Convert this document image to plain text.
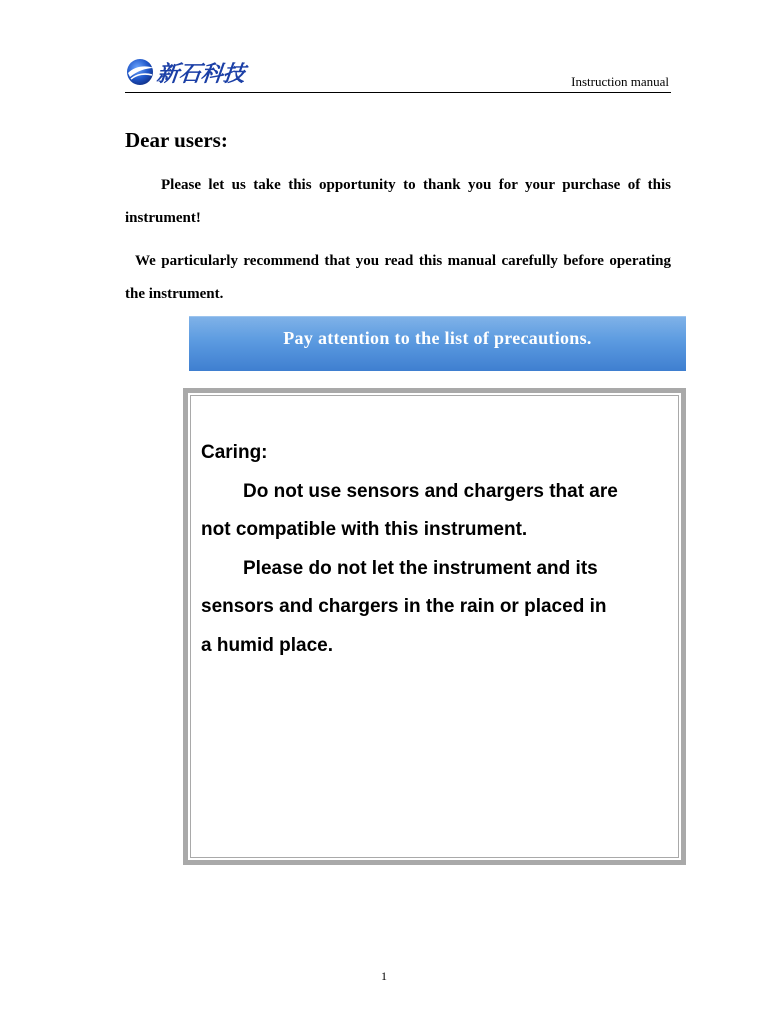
新石科技	Instruction manual
Dear users:

Please let us take this opportunity to thank you for your purchase of this instrument!

We particularly recommend that you read this manual carefully before operating the instrument.

Pay attention to the list of precautions.

Caring:

Do not use sensors and chargers that are not compatible with this instrument.

Please do not let the instrument and its sensors and chargers in the rain or placed in a humid place.

1
